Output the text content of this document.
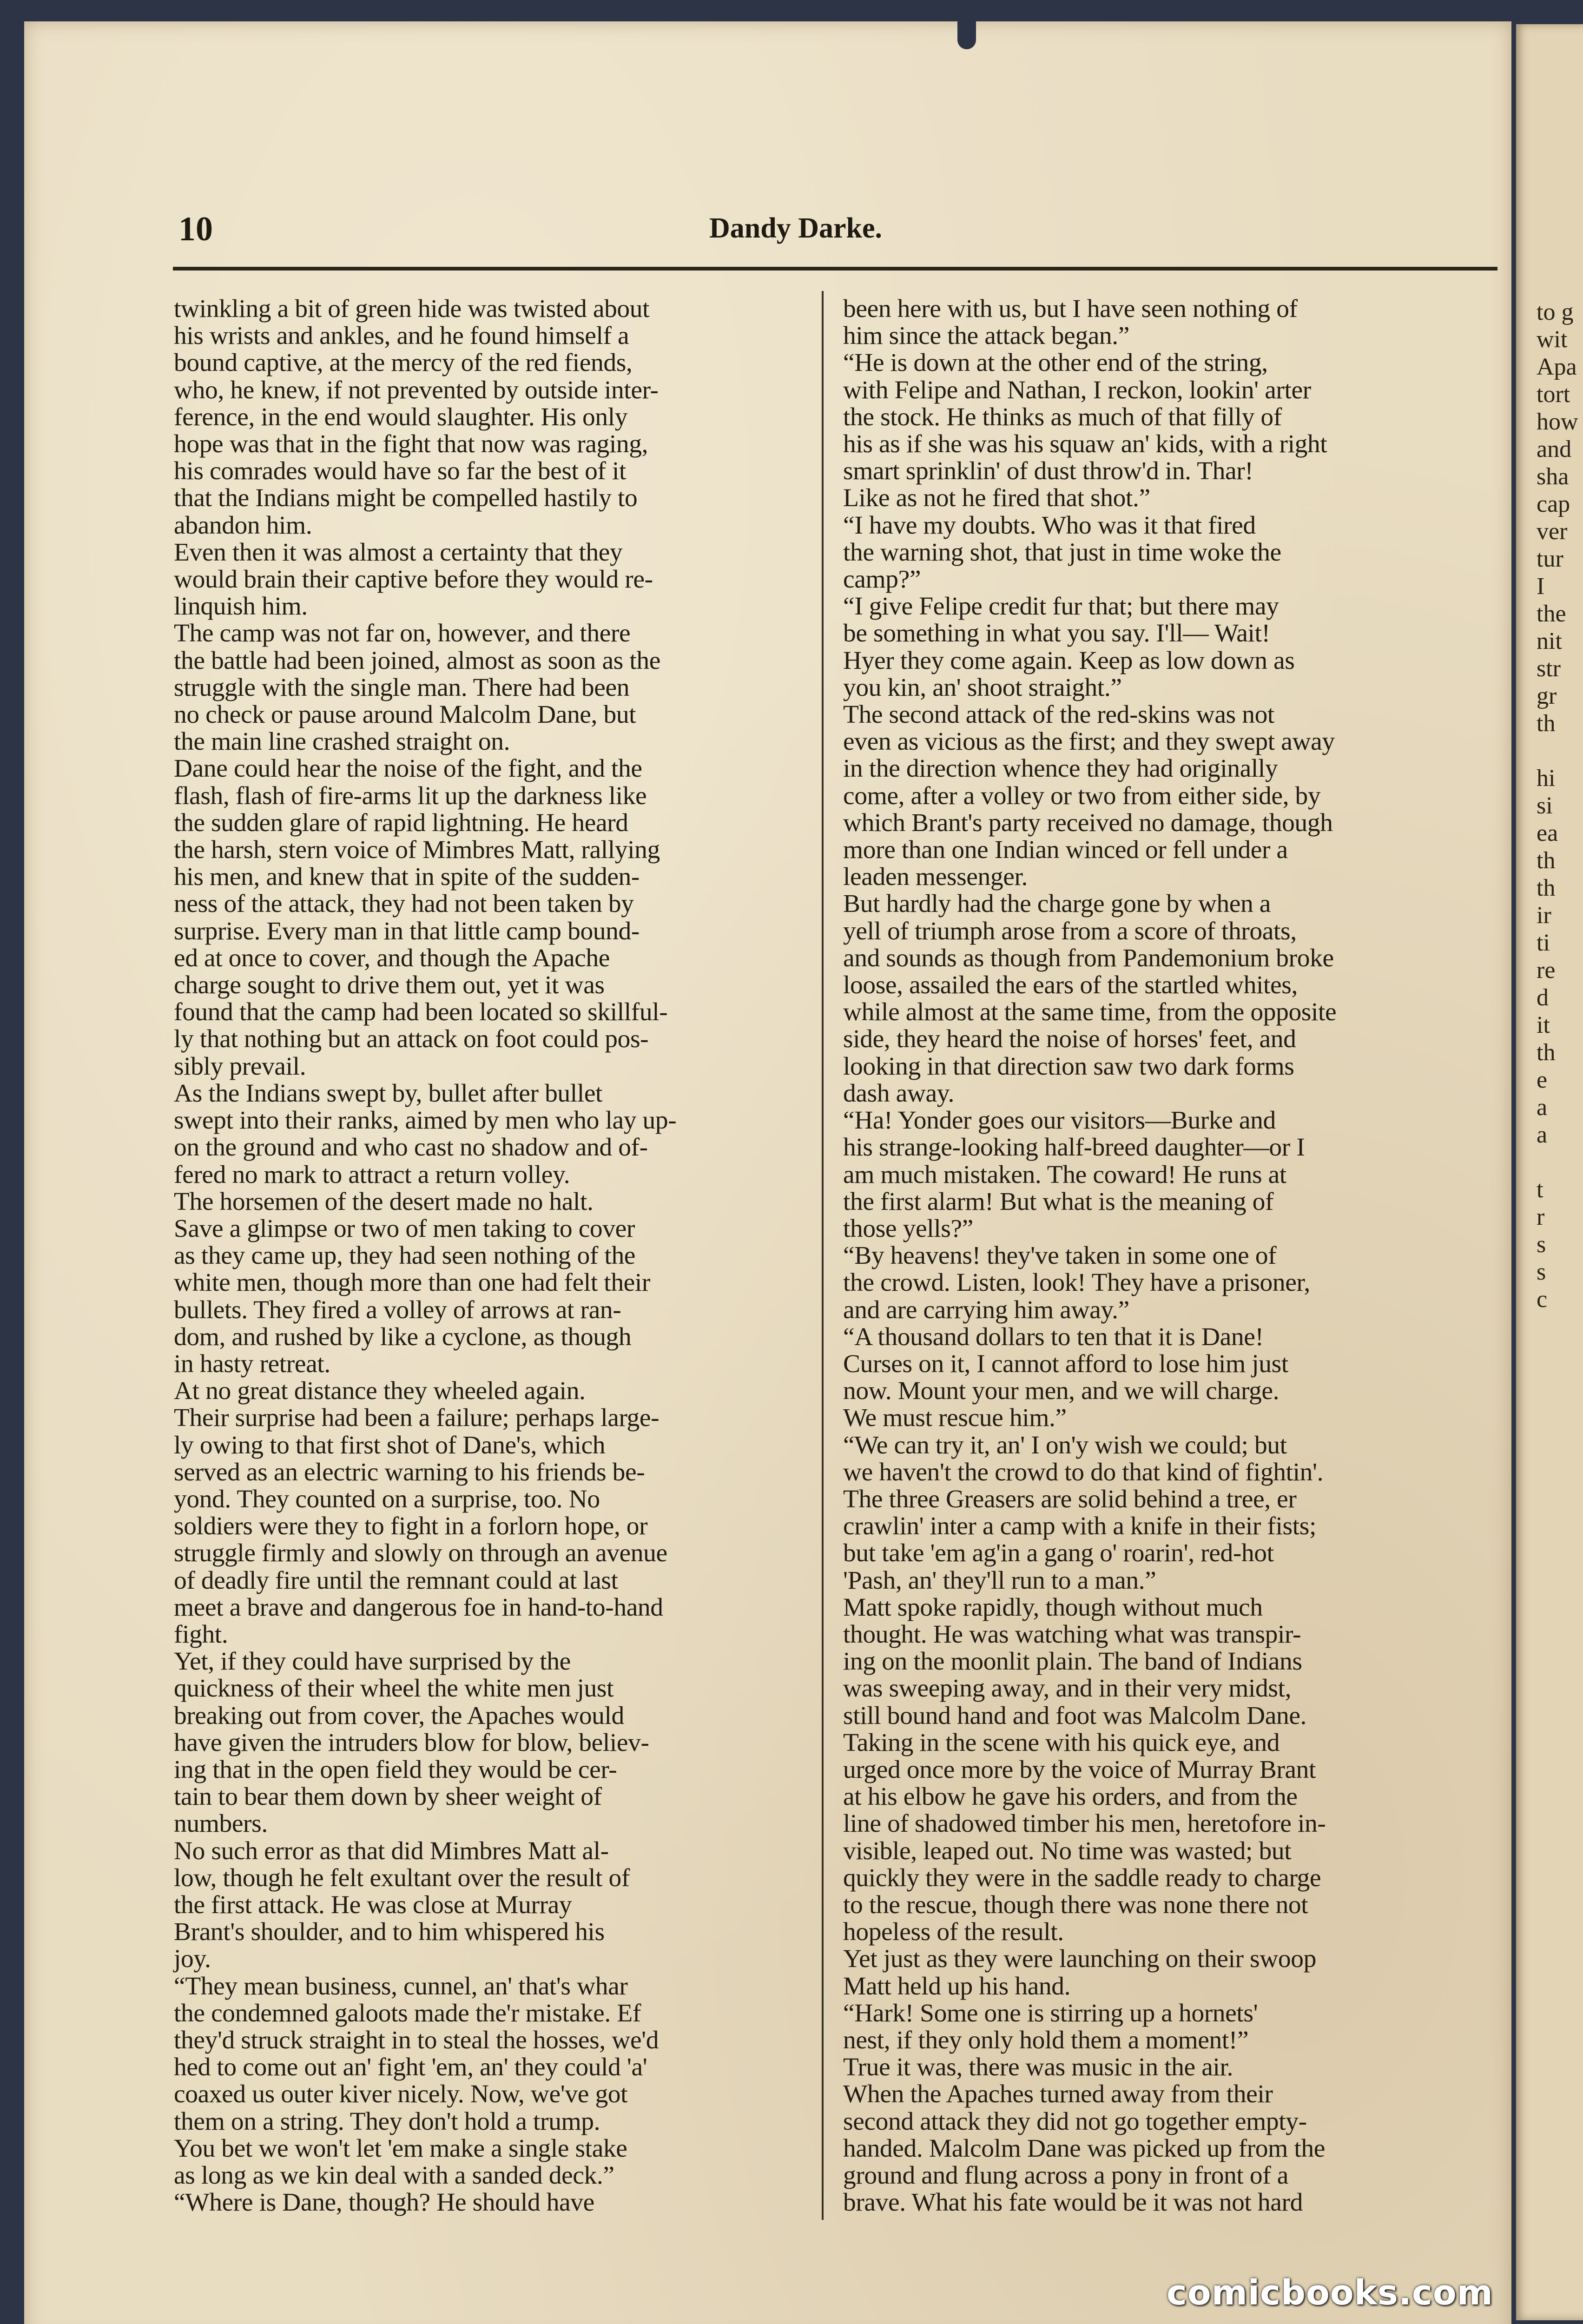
10	Dandy Darke.
twinkling a bit of green hide was twisted about
his wrists and ankles, and he found himself a
bound captive, at the mercy of the red fiends,
who, he knew, if not prevented by outside inter-
ference, in the end would slaughter. His only
hope was that in the fight that now was raging,
his comrades would have so far the best of it
that the Indians might be compelled hastily to
abandon him.
Even then it was almost a certainty that they
would brain their captive before they would re-
linquish him.
The camp was not far on, however, and there
the battle had been joined, almost as soon as the
struggle with the single man. There had been
no check or pause around Malcolm Dane, but
the main line crashed straight on.
Dane could hear the noise of the fight, and the
flash, flash of fire-arms lit up the darkness like
the sudden glare of rapid lightning. He heard
the harsh, stern voice of Mimbres Matt, rallying
his men, and knew that in spite of the sudden-
ness of the attack, they had not been taken by
surprise. Every man in that little camp bound-
ed at once to cover, and though the Apache
charge sought to drive them out, yet it was
found that the camp had been located so skillful-
ly that nothing but an attack on foot could pos-
sibly prevail.
As the Indians swept by, bullet after bullet
swept into their ranks, aimed by men who lay up-
on the ground and who cast no shadow and of-
fered no mark to attract a return volley.
The horsemen of the desert made no halt.
Save a glimpse or two of men taking to cover
as they came up, they had seen nothing of the
white men, though more than one had felt their
bullets. They fired a volley of arrows at ran-
dom, and rushed by like a cyclone, as though
in hasty retreat.
At no great distance they wheeled again.
Their surprise had been a failure; perhaps large-
ly owing to that first shot of Dane's, which
served as an electric warning to his friends be-
yond. They counted on a surprise, too. No
soldiers were they to fight in a forlorn hope, or
struggle firmly and slowly on through an avenue
of deadly fire until the remnant could at last
meet a brave and dangerous foe in hand-to-hand
fight.
Yet, if they could have surprised by the
quickness of their wheel the white men just
breaking out from cover, the Apaches would
have given the intruders blow for blow, believ-
ing that in the open field they would be cer-
tain to bear them down by sheer weight of
numbers.
No such error as that did Mimbres Matt al-
low, though he felt exultant over the result of
the first attack. He was close at Murray
Brant's shoulder, and to him whispered his
joy.
“They mean business, cunnel, an' that's whar
the condemned galoots made the'r mistake. Ef
they'd struck straight in to steal the hosses, we'd
hed to come out an' fight 'em, an' they could 'a'
coaxed us outer kiver nicely. Now, we've got
them on a string. They don't hold a trump.
You bet we won't let 'em make a single stake
as long as we kin deal with a sanded deck.”
“Where is Dane, though? He should have
been here with us, but I have seen nothing of
him since the attack began.”
“He is down at the other end of the string,
with Felipe and Nathan, I reckon, lookin' arter
the stock. He thinks as much of that filly of
his as if she was his squaw an' kids, with a right
smart sprinklin' of dust throw'd in. Thar!
Like as not he fired that shot.”
“I have my doubts. Who was it that fired
the warning shot, that just in time woke the
camp?”
“I give Felipe credit fur that; but there may
be something in what you say. I'll— Wait!
Hyer they come again. Keep as low down as
you kin, an' shoot straight.”
The second attack of the red-skins was not
even as vicious as the first; and they swept away
in the direction whence they had originally
come, after a volley or two from either side, by
which Brant's party received no damage, though
more than one Indian winced or fell under a
leaden messenger.
But hardly had the charge gone by when a
yell of triumph arose from a score of throats,
and sounds as though from Pandemonium broke
loose, assailed the ears of the startled whites,
while almost at the same time, from the opposite
side, they heard the noise of horses' feet, and
looking in that direction saw two dark forms
dash away.
“Ha! Yonder goes our visitors—Burke and
his strange-looking half-breed daughter—or I
am much mistaken. The coward! He runs at
the first alarm! But what is the meaning of
those yells?”
“By heavens! they've taken in some one of
the crowd. Listen, look! They have a prisoner,
and are carrying him away.”
“A thousand dollars to ten that it is Dane!
Curses on it, I cannot afford to lose him just
now. Mount your men, and we will charge.
We must rescue him.”
“We can try it, an' I on'y wish we could; but
we haven't the crowd to do that kind of fightin'.
The three Greasers are solid behind a tree, er
crawlin' inter a camp with a knife in their fists;
but take 'em ag'in a gang o' roarin', red-hot
'Pash, an' they'll run to a man.”
Matt spoke rapidly, though without much
thought. He was watching what was transpir-
ing on the moonlit plain. The band of Indians
was sweeping away, and in their very midst,
still bound hand and foot was Malcolm Dane.
Taking in the scene with his quick eye, and
urged once more by the voice of Murray Brant
at his elbow he gave his orders, and from the
line of shadowed timber his men, heretofore in-
visible, leaped out. No time was wasted; but
quickly they were in the saddle ready to charge
to the rescue, though there was none there not
hopeless of the result.
Yet just as they were launching on their swoop
Matt held up his hand.
“Hark! Some one is stirring up a hornets'
nest, if they only hold them a moment!”
True it was, there was music in the air.
When the Apaches turned away from their
second attack they did not go together empty-
handed. Malcolm Dane was picked up from the
ground and flung across a pony in front of a
brave. What his fate would be it was not hard
to g
wit
Apa
tort
how
and
sha
cap
ver
tur
I
the
nit
str
gr
th

hi
si
ea
th
th
ir
ti
re
d
it
th
e
a
a

t
r
s
s
c
comicbooks.com
